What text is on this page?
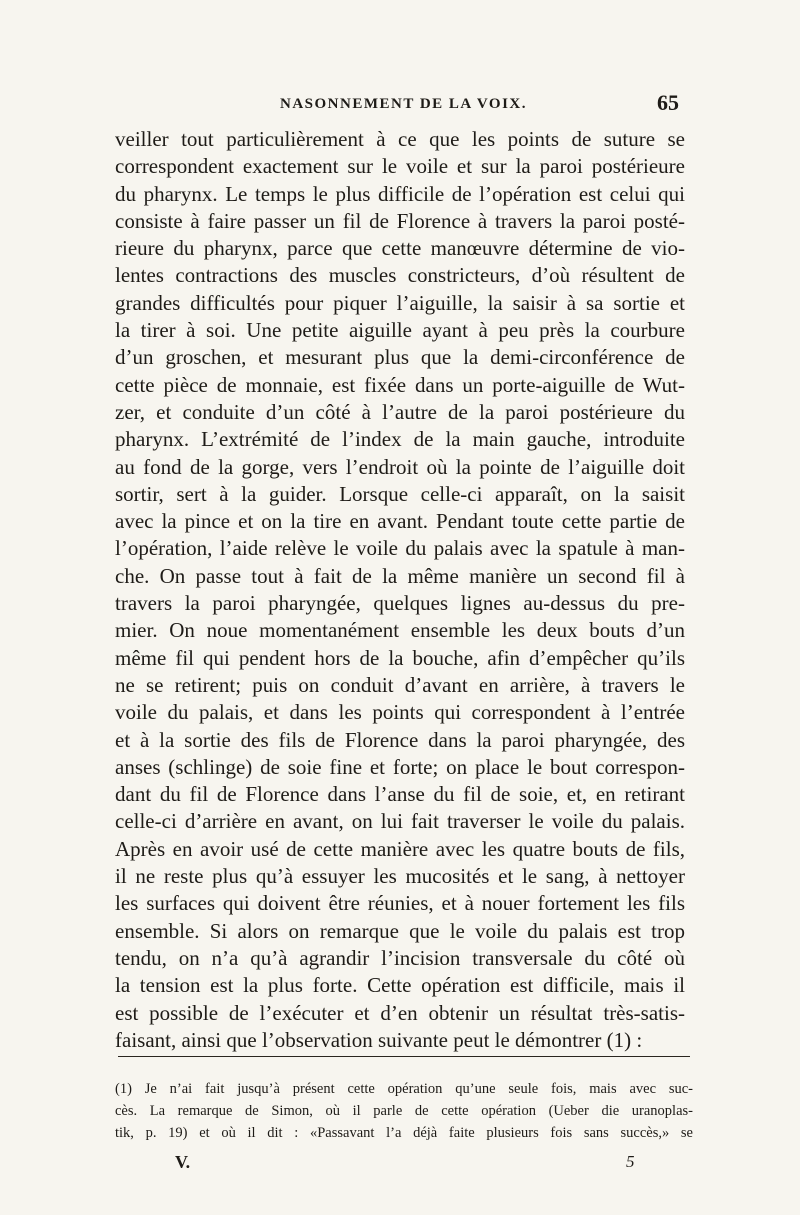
NASONNEMENT DE LA VOIX.	65
veiller tout particulièrement à ce que les points de suture se
correspondent exactement sur le voile et sur la paroi postérieure
du pharynx. Le temps le plus difficile de l’opération est celui qui
consiste à faire passer un fil de Florence à travers la paroi posté-
rieure du pharynx, parce que cette manœuvre détermine de vio-
lentes contractions des muscles constricteurs, d’où résultent de
grandes difficultés pour piquer l’aiguille, la saisir à sa sortie et
la tirer à soi. Une petite aiguille ayant à peu près la courbure
d’un groschen, et mesurant plus que la demi-circonférence de
cette pièce de monnaie, est fixée dans un porte-aiguille de Wut-
zer, et conduite d’un côté à l’autre de la paroi postérieure du
pharynx. L’extrémité de l’index de la main gauche, introduite
au fond de la gorge, vers l’endroit où la pointe de l’aiguille doit
sortir, sert à la guider. Lorsque celle-ci apparaît, on la saisit
avec la pince et on la tire en avant. Pendant toute cette partie de
l’opération, l’aide relève le voile du palais avec la spatule à man-
che. On passe tout à fait de la même manière un second fil à
travers la paroi pharyngée, quelques lignes au-dessus du pre-
mier. On noue momentanément ensemble les deux bouts d’un
même fil qui pendent hors de la bouche, afin d’empêcher qu’ils
ne se retirent; puis on conduit d’avant en arrière, à travers le
voile du palais, et dans les points qui correspondent à l’entrée
et à la sortie des fils de Florence dans la paroi pharyngée, des
anses (schlinge) de soie fine et forte; on place le bout correspon-
dant du fil de Florence dans l’anse du fil de soie, et, en retirant
celle-ci d’arrière en avant, on lui fait traverser le voile du palais.
Après en avoir usé de cette manière avec les quatre bouts de fils,
il ne reste plus qu’à essuyer les mucosités et le sang, à nettoyer
les surfaces qui doivent être réunies, et à nouer fortement les fils
ensemble. Si alors on remarque que le voile du palais est trop
tendu, on n’a qu’à agrandir l’incision transversale du côté où
la tension est la plus forte. Cette opération est difficile, mais il
est possible de l’exécuter et d’en obtenir un résultat très-satis-
faisant, ainsi que l’observation suivante peut le démontrer (1) :
(1) Je n’ai fait jusqu’à présent cette opération qu’une seule fois, mais avec suc-
cès. La remarque de Simon, où il parle de cette opération (Ueber die uranoplas-
tik, p. 19) et où il dit : «Passavant l’a déjà faite plusieurs fois sans succès,» se
V.	5
